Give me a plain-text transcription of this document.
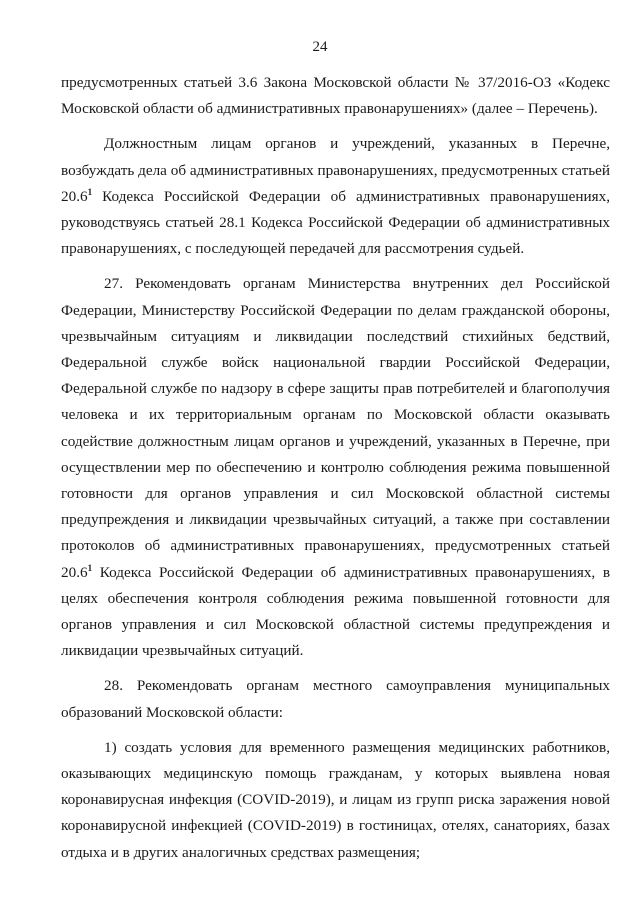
24

предусмотренных статьей 3.6 Закона Московской области № 37/2016-ОЗ «Кодекс Московской области об административных правонарушениях» (далее – Перечень).

Должностным лицам органов и учреждений, указанных в Перечне, возбуждать дела об административных правонарушениях, предусмотренных статьей 20.6$^1$ Кодекса Российской Федерации об административных правонарушениях, руководствуясь статьей 28.1 Кодекса Российской Федерации об административных правонарушениях, с последующей передачей для рассмотрения судьей.

27. Рекомендовать органам Министерства внутренних дел Российской Федерации, Министерству Российской Федерации по делам гражданской обороны, чрезвычайным ситуациям и ликвидации последствий стихийных бедствий, Федеральной службе войск национальной гвардии Российской Федерации, Федеральной службе по надзору в сфере защиты прав потребителей и благополучия человека и их территориальным органам по Московской области оказывать содействие должностным лицам органов и учреждений, указанных в Перечне, при осуществлении мер по обеспечению и контролю соблюдения режима повышенной готовности для органов управления и сил Московской областной системы предупреждения и ликвидации чрезвычайных ситуаций, а также при составлении протоколов об административных правонарушениях, предусмотренных статьей 20.6$^1$ Кодекса Российской Федерации об административных правонарушениях, в целях обеспечения контроля соблюдения режима повышенной готовности для органов управления и сил Московской областной системы предупреждения и ликвидации чрезвычайных ситуаций.

28. Рекомендовать органам местного самоуправления муниципальных образований Московской области:

1) создать условия для временного размещения медицинских работников, оказывающих медицинскую помощь гражданам, у которых выявлена новая коронавирусная инфекция (COVID-2019), и лицам из групп риска заражения новой коронавирусной инфекцией (COVID-2019) в гостиницах, отелях, санаториях, базах отдыха и в других аналогичных средствах размещения;
